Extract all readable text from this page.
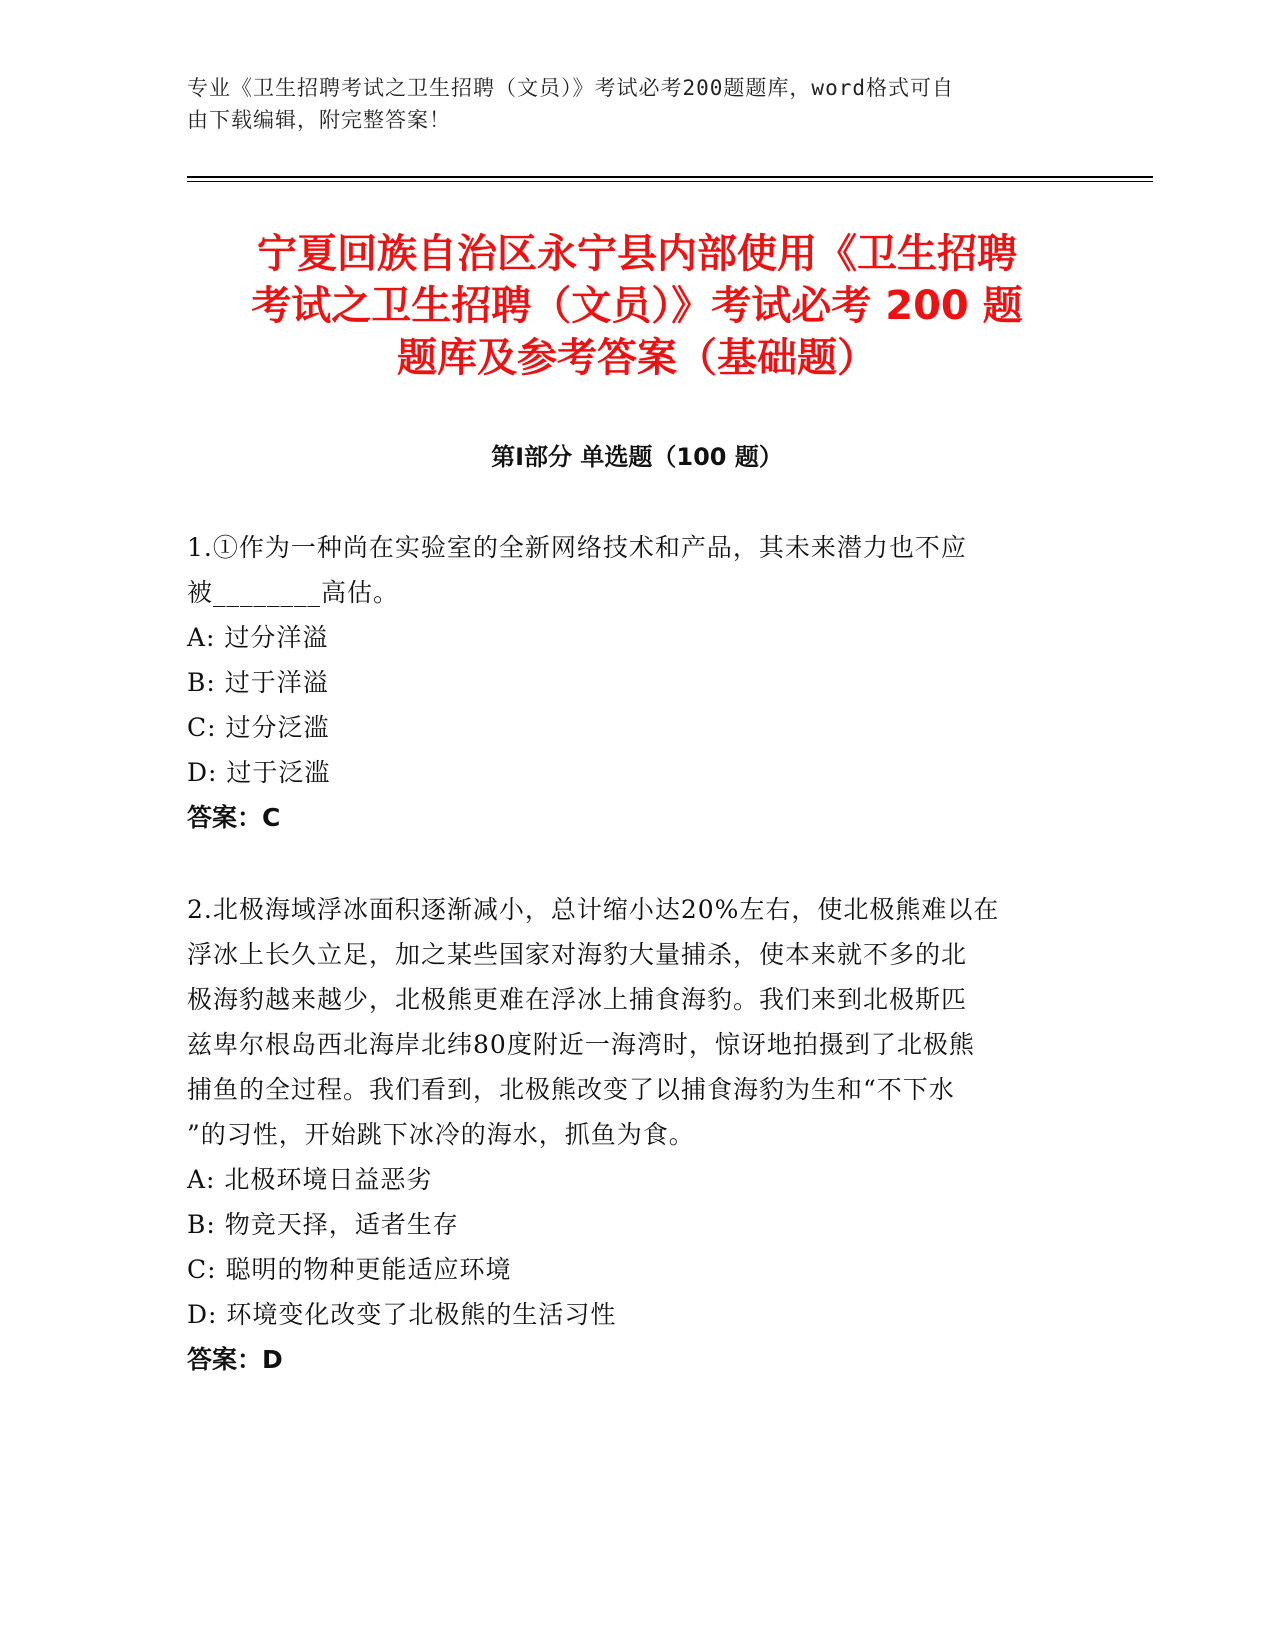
专业《卫生招聘考试之卫生招聘（文员）》考试必考200题题库，word格式可自
由下载编辑，附完整答案！
宁夏回族自治区永宁县内部使用《卫生招聘
考试之卫生招聘（文员）》考试必考 200 题
题库及参考答案（基础题）
第Ⅰ部分 单选题（100 题）

1.①作为一种尚在实验室的全新网络技术和产品，其未来潜力也不应

被________高估。

A: 过分洋溢

B: 过于洋溢

C: 过分泛滥

D: 过于泛滥

答案：C

2.北极海域浮冰面积逐渐减小，总计缩小达20%左右，使北极熊难以在

浮冰上长久立足，加之某些国家对海豹大量捕杀，使本来就不多的北

极海豹越来越少，北极熊更难在浮冰上捕食海豹。我们来到北极斯匹

兹卑尔根岛西北海岸北纬80度附近一海湾时，惊讶地拍摄到了北极熊

捕鱼的全过程。我们看到，北极熊改变了以捕食海豹为生和“不下水

”的习性，开始跳下冰冷的海水，抓鱼为食。

A: 北极环境日益恶劣

B: 物竞天择，适者生存

C: 聪明的物种更能适应环境

D: 环境变化改变了北极熊的生活习性

答案：D
